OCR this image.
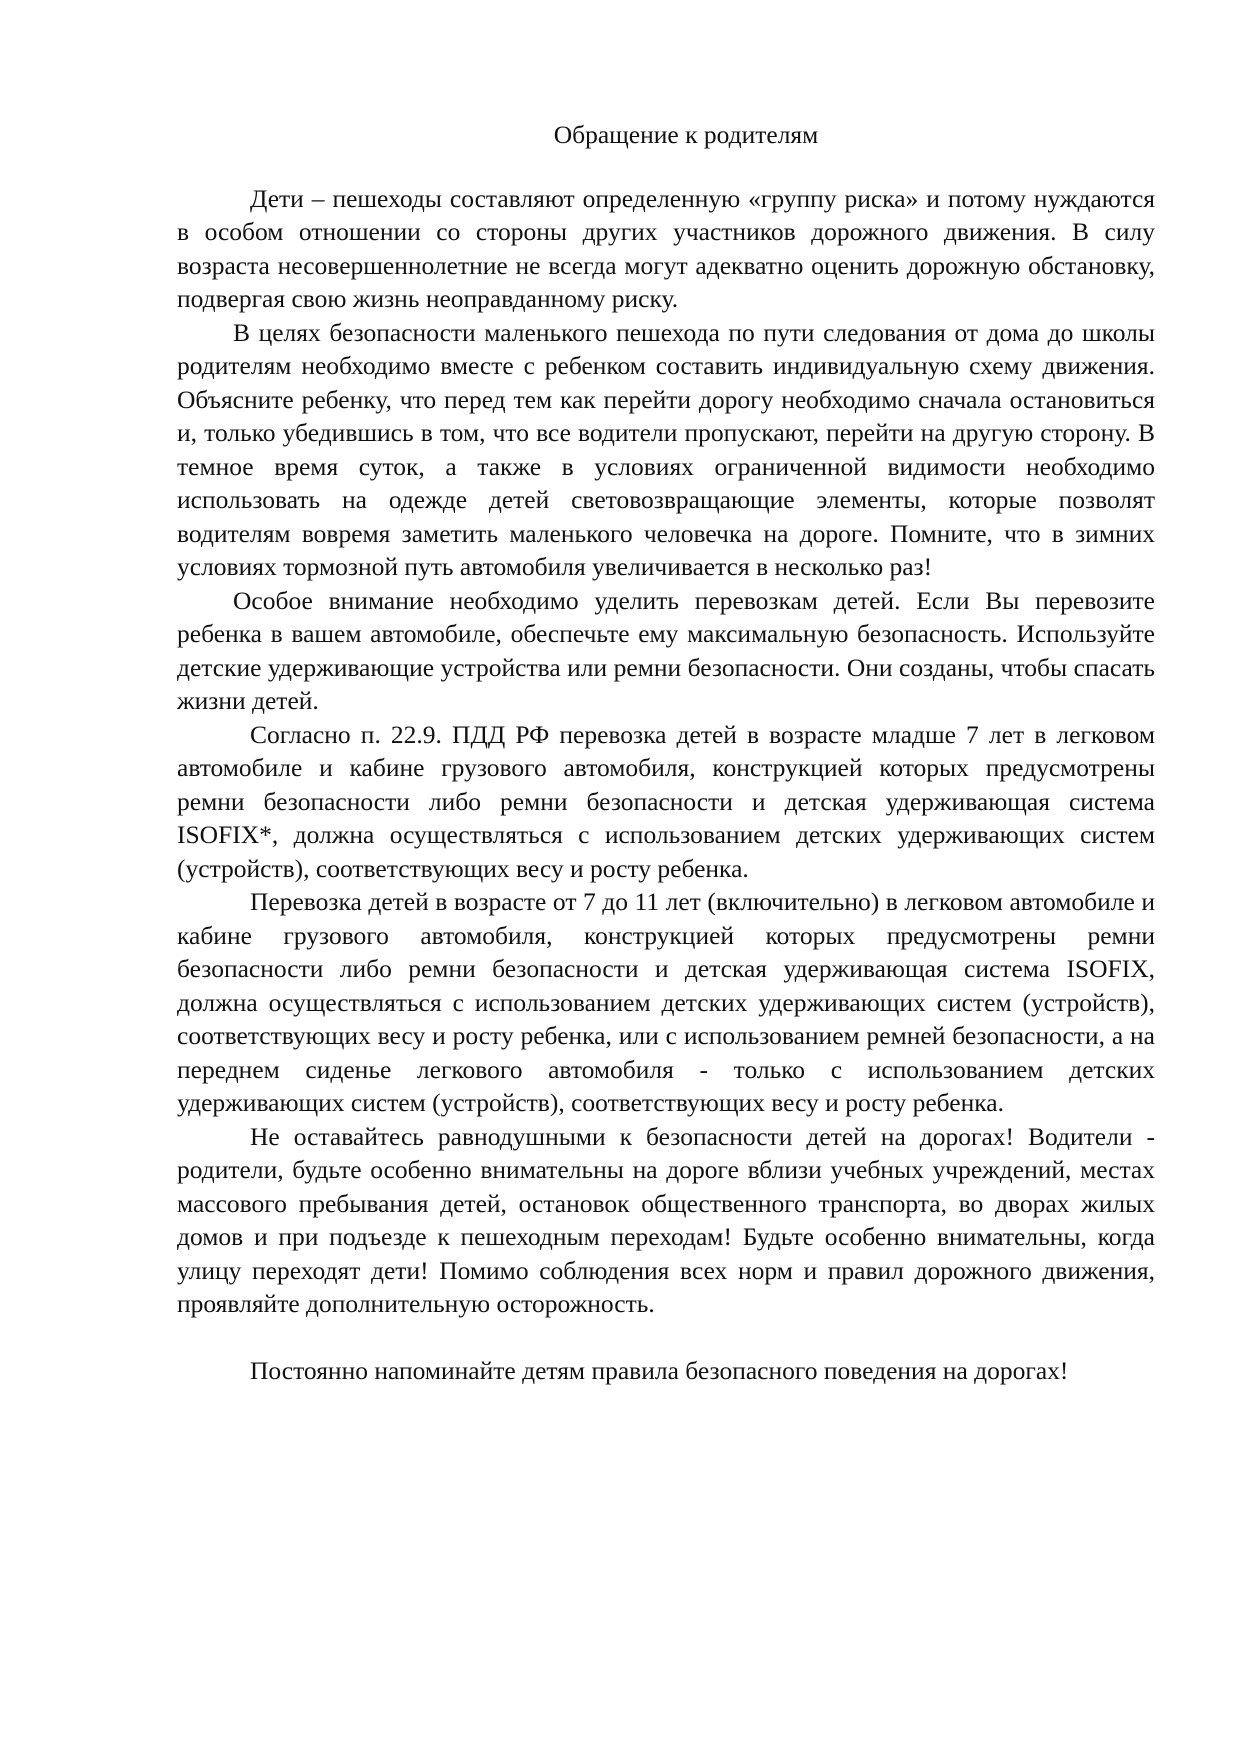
Обращение к родителям

Дети – пешеходы составляют определенную «группу риска» и потому нуждаются в особом отношении со стороны других участников дорожного движения. В силу возраста несовершеннолетние не всегда могут адекватно оценить дорожную обстановку, подвергая свою жизнь неоправданному риску.

В целях безопасности маленького пешехода по пути следования от дома до школы родителям необходимо вместе с ребенком составить индивидуальную схему движения. Объясните ребенку, что перед тем как перейти дорогу необходимо сначала остановиться и, только убедившись в том, что все водители пропускают, перейти на другую сторону. В темное время суток, а также в условиях ограниченной видимости необходимо использовать на одежде детей световозвращающие элементы, которые позволят водителям вовремя заметить маленького человечка на дороге. Помните, что в зимних условиях тормозной путь автомобиля увеличивается в несколько раз!

Особое внимание необходимо уделить перевозкам детей. Если Вы перевозите ребенка в вашем автомобиле, обеспечьте ему максимальную безопасность. Используйте детские удерживающие устройства или ремни безопасности. Они созданы, чтобы спасать жизни детей.

Согласно п. 22.9. ПДД РФ перевозка детей в возрасте младше 7 лет в легковом автомобиле и кабине грузового автомобиля, конструкцией которых предусмотрены ремни безопасности либо ремни безопасности и детская удерживающая система ISOFIX*, должна осуществляться с использованием детских удерживающих систем (устройств), соответствующих весу и росту ребенка.

Перевозка детей в возрасте от 7 до 11 лет (включительно) в легковом автомобиле и кабине грузового автомобиля, конструкцией которых предусмотрены ремни безопасности либо ремни безопасности и детская удерживающая система ISOFIX, должна осуществляться с использованием детских удерживающих систем (устройств), соответствующих весу и росту ребенка, или с использованием ремней безопасности, а на переднем сиденье легкового автомобиля - только с использованием детских удерживающих систем (устройств), соответствующих весу и росту ребенка.

Не оставайтесь равнодушными к безопасности детей на дорогах! Водители - родители, будьте особенно внимательны на дороге вблизи учебных учреждений, местах массового пребывания детей, остановок общественного транспорта, во дворах жилых домов и при подъезде к пешеходным переходам! Будьте особенно внимательны, когда улицу переходят дети! Помимо соблюдения всех норм и правил дорожного движения, проявляйте дополнительную осторожность.

Постоянно напоминайте детям правила безопасного поведения на дорогах!
